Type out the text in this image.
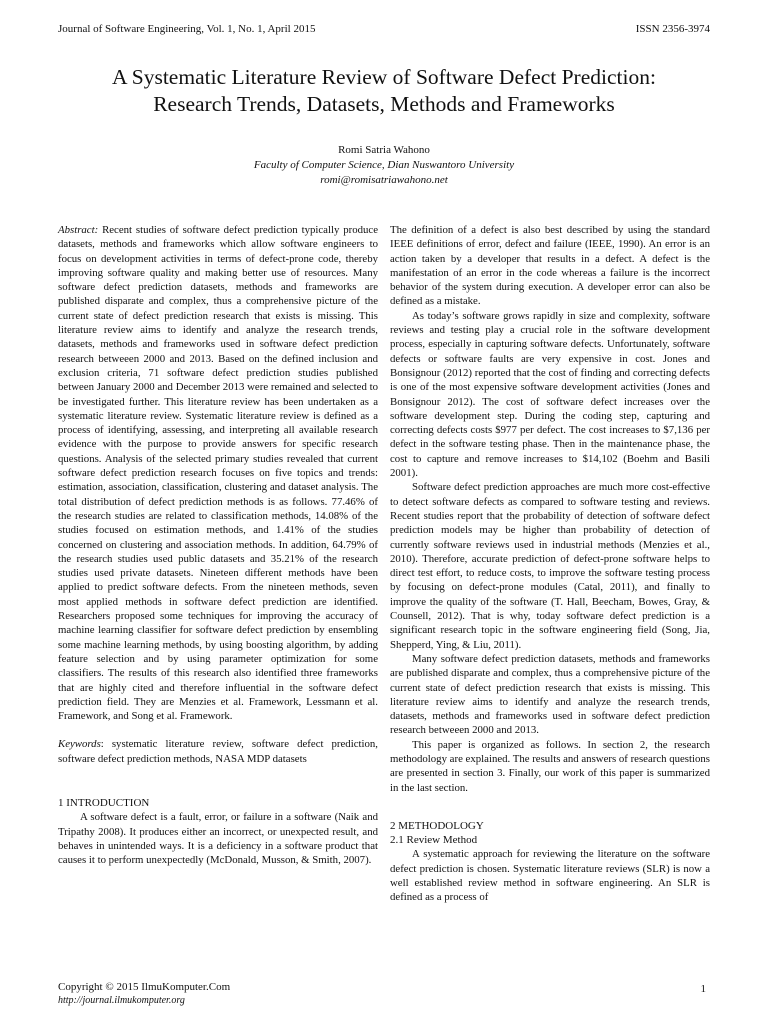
Journal of Software Engineering, Vol. 1, No. 1, April 2015	ISSN 2356-3974
A Systematic Literature Review of Software Defect Prediction:
Research Trends, Datasets, Methods and Frameworks
Romi Satria Wahono
Faculty of Computer Science, Dian Nuswantoro University
romi@romisatriawahono.net

Abstract: Recent studies of software defect prediction typically produce datasets, methods and frameworks which allow software engineers to focus on development activities in terms of defect-prone code, thereby improving software quality and making better use of resources. Many software defect prediction datasets, methods and frameworks are published disparate and complex, thus a comprehensive picture of the current state of defect prediction research that exists is missing. This literature review aims to identify and analyze the research trends, datasets, methods and frameworks used in software defect prediction research betweeen 2000 and 2013. Based on the defined inclusion and exclusion criteria, 71 software defect prediction studies published between January 2000 and December 2013 were remained and selected to be investigated further. This literature review has been undertaken as a systematic literature review. Systematic literature review is defined as a process of identifying, assessing, and interpreting all available research evidence with the purpose to provide answers for specific research questions. Analysis of the selected primary studies revealed that current software defect prediction research focuses on five topics and trends: estimation, association, classification, clustering and dataset analysis. The total distribution of defect prediction methods is as follows. 77.46% of the research studies are related to classification methods, 14.08% of the studies focused on estimation methods, and 1.41% of the studies concerned on clustering and association methods. In addition, 64.79% of the research studies used public datasets and 35.21% of the research studies used private datasets. Nineteen different methods have been applied to predict software defects. From the nineteen methods, seven most applied methods in software defect prediction are identified. Researchers proposed some techniques for improving the accuracy of machine learning classifier for software defect prediction by ensembling some machine learning methods, by using boosting algorithm, by adding feature selection and by using parameter optimization for some classifiers. The results of this research also identified three frameworks that are highly cited and therefore influential in the software defect prediction field. They are Menzies et al. Framework, Lessmann et al. Framework, and Song et al. Framework.

Keywords: systematic literature review, software defect prediction, software defect prediction methods, NASA MDP datasets

1 INTRODUCTION

A software defect is a fault, error, or failure in a software (Naik and Tripathy 2008). It produces either an incorrect, or unexpected result, and behaves in unintended ways. It is a deficiency in a software product that causes it to perform unexpectedly (McDonald, Musson, & Smith, 2007).

The definition of a defect is also best described by using the standard IEEE definitions of error, defect and failure (IEEE, 1990). An error is an action taken by a developer that results in a defect. A defect is the manifestation of an error in the code whereas a failure is the incorrect behavior of the system during execution. A developer error can also be defined as a mistake.

As today’s software grows rapidly in size and complexity, software reviews and testing play a crucial role in the software development process, especially in capturing software defects. Unfortunately, software defects or software faults are very expensive in cost. Jones and Bonsignour (2012) reported that the cost of finding and correcting defects is one of the most expensive software development activities (Jones and Bonsignour 2012). The cost of software defect increases over the software development step. During the coding step, capturing and correcting defects costs $977 per defect. The cost increases to $7,136 per defect in the software testing phase. Then in the maintenance phase, the cost to capture and remove increases to $14,102 (Boehm and Basili 2001).

Software defect prediction approaches are much more cost-effective to detect software defects as compared to software testing and reviews. Recent studies report that the probability of detection of software defect prediction models may be higher than probability of detection of currently software reviews used in industrial methods (Menzies et al., 2010). Therefore, accurate prediction of defect-prone software helps to direct test effort, to reduce costs, to improve the software testing process by focusing on defect-prone modules (Catal, 2011), and finally to improve the quality of the software (T. Hall, Beecham, Bowes, Gray, & Counsell, 2012). That is why, today software defect prediction is a significant research topic in the software engineering field (Song, Jia, Shepperd, Ying, & Liu, 2011).

Many software defect prediction datasets, methods and frameworks are published disparate and complex, thus a comprehensive picture of the current state of defect prediction research that exists is missing. This literature review aims to identify and analyze the research trends, datasets, methods and frameworks used in software defect prediction research betweeen 2000 and 2013.

This paper is organized as follows. In section 2, the research methodology are explained. The results and answers of research questions are presented in section 3. Finally, our work of this paper is summarized in the last section.

2 METHODOLOGY
2.1 Review Method

A systematic approach for reviewing the literature on the software defect prediction is chosen. Systematic literature reviews (SLR) is now a well established review method in software engineering. An SLR is defined as a process of

Copyright © 2015 IlmuKomputer.Com
http://journal.ilmukomputer.org
1
